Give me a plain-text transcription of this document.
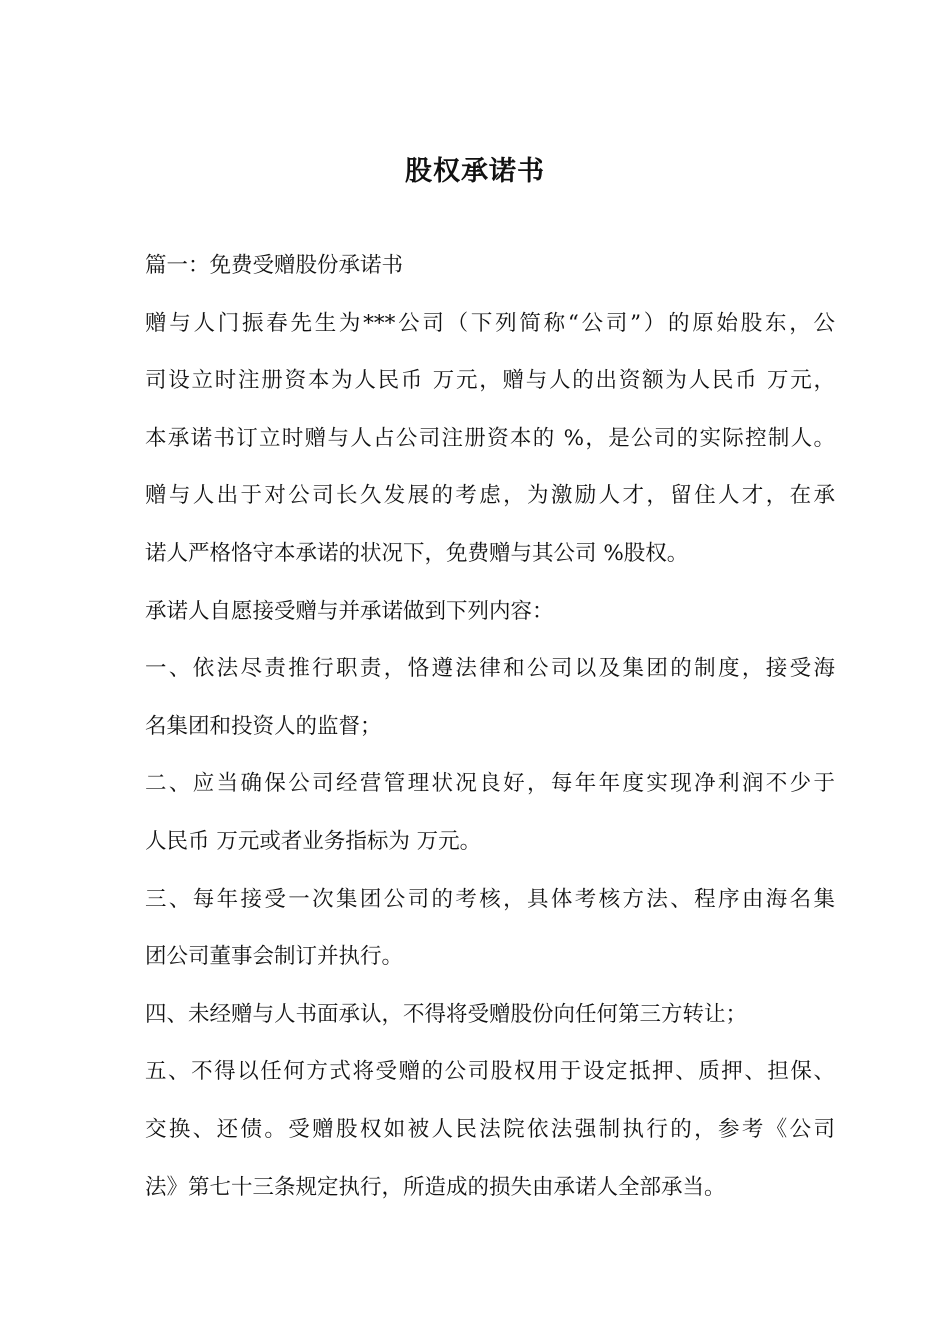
股权承诺书

篇一：免费受赠股份承诺书

赠与人门振春先生为***公司（下列简称“公司”）的原始股东，公

司设立时注册资本为人民币 万元，赠与人的出资额为人民币 万元，

本承诺书订立时赠与人占公司注册资本的 %，是公司的实际控制人。

赠与人出于对公司长久发展的考虑，为激励人才，留住人才，在承

诺人严格恪守本承诺的状况下，免费赠与其公司 %股权。

承诺人自愿接受赠与并承诺做到下列内容：

一、依法尽责推行职责，恪遵法律和公司以及集团的制度，接受海

名集团和投资人的监督；

二、应当确保公司经营管理状况良好，每年年度实现净利润不少于

人民币 万元或者业务指标为 万元。

三、每年接受一次集团公司的考核，具体考核方法、程序由海名集

团公司董事会制订并执行。

四、未经赠与人书面承认，不得将受赠股份向任何第三方转让；

五、不得以任何方式将受赠的公司股权用于设定抵押、质押、担保、

交换、还债。受赠股权如被人民法院依法强制执行的，参考《公司

法》第七十三条规定执行，所造成的损失由承诺人全部承当。
